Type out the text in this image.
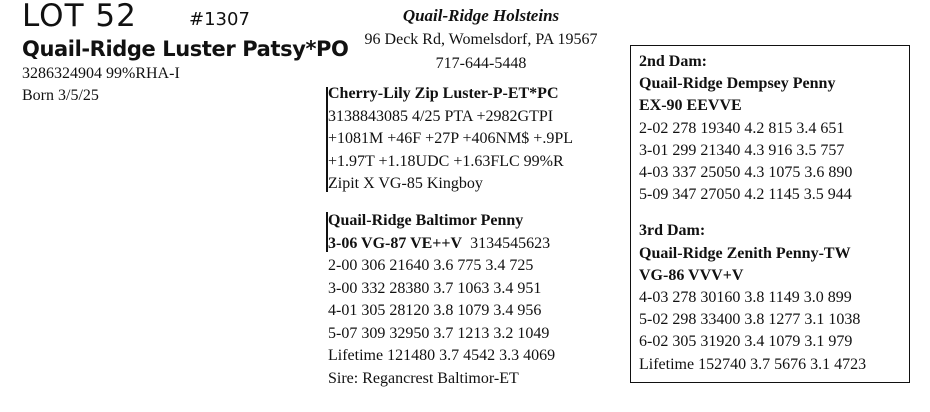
LOT 52	#1307
Quail-Ridge Luster Patsy*PO
3286324904 99%RHA-I
Born 3/5/25
Quail-Ridge Holsteins
96 Deck Rd, Womelsdorf, PA 19567
717-644-5448
Cherry-Lily Zip Luster-P-ET*PC
3138843085 4/25 PTA +2982GTPI
+1081M +46F +27P +406NM$ +.9PL
+1.97T +1.18UDC +1.63FLC 99%R
Zipit X VG-85 Kingboy
Quail-Ridge Baltimor Penny
3-06 VG-87 VE++V 3134545623
2-00 306 21640 3.6 775 3.4 725
3-00 332 28380 3.7 1063 3.4 951
4-01 305 28120 3.8 1079 3.4 956
5-07 309 32950 3.7 1213 3.2 1049
Lifetime 121480 3.7 4542 3.3 4069
Sire: Regancrest Baltimor-ET
2nd Dam:
Quail-Ridge Dempsey Penny
EX-90 EEVVE
2-02 278 19340 4.2 815 3.4 651
3-01 299 21340 4.3 916 3.5 757
4-03 337 25050 4.3 1075 3.6 890
5-09 347 27050 4.2 1145 3.5 944
3rd Dam:
Quail-Ridge Zenith Penny-TW
VG-86 VVV+V
4-03 278 30160 3.8 1149 3.0 899
5-02 298 33400 3.8 1277 3.1 1038
6-02 305 31920 3.4 1079 3.1 979
Lifetime 152740 3.7 5676 3.1 4723
